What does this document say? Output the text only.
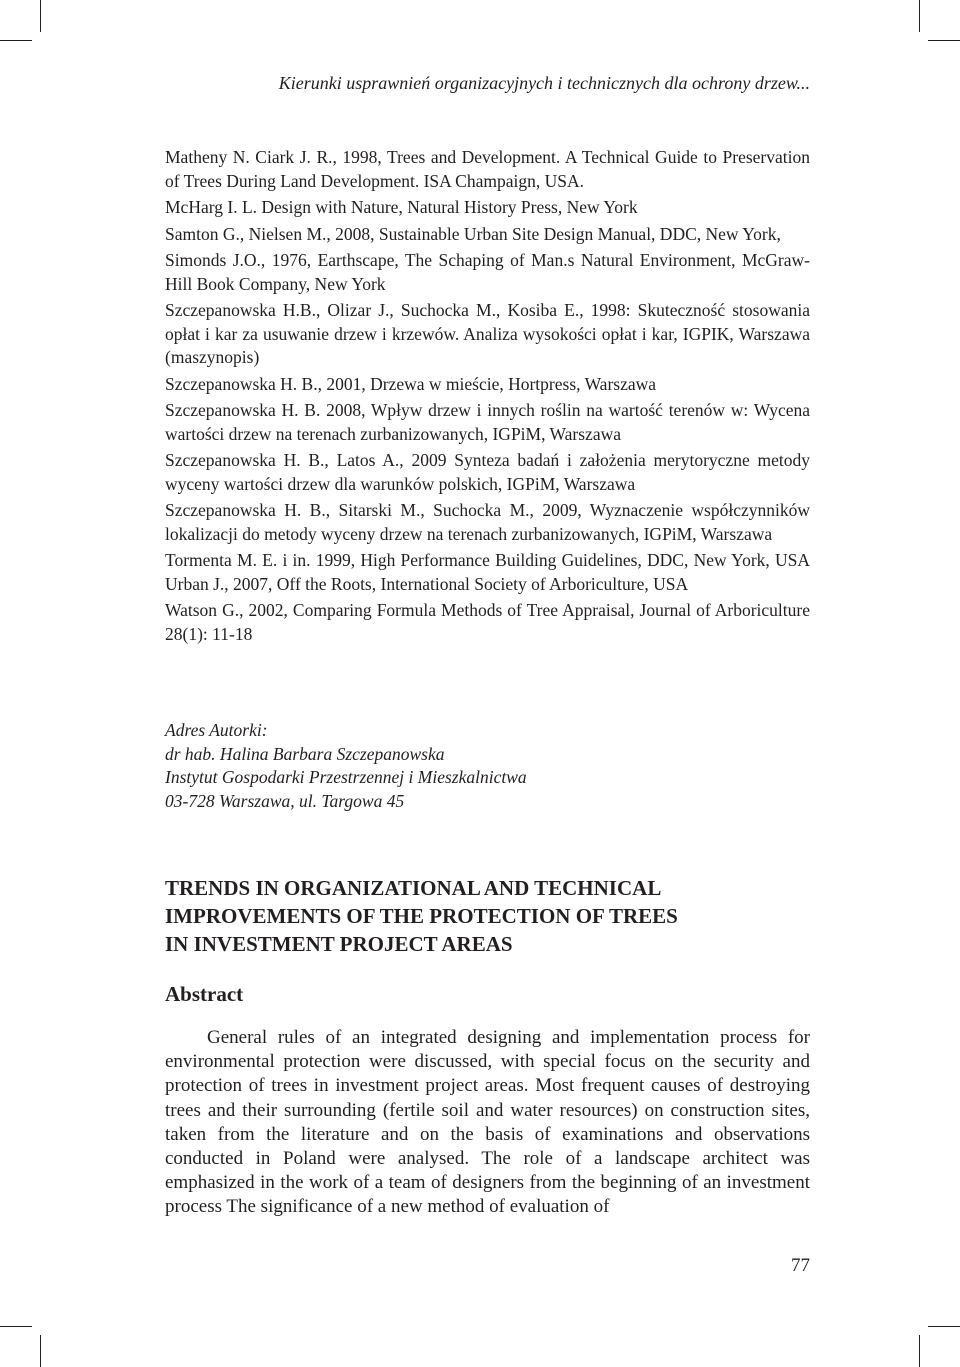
Kierunki usprawnień organizacyjnych i technicznych dla ochrony drzew...

Matheny N. Ciark J. R., 1998, Trees and Development. A Technical Guide to Preservation of Trees During Land Development. ISA Champaign, USA.

McHarg I. L. Design with Nature, Natural History Press, New York

Samton G., Nielsen M., 2008, Sustainable Urban Site Design Manual, DDC, New York,

Simonds J.O., 1976, Earthscape, The Schaping of Man.s Natural Environment, McGraw- Hill Book Company, New York

Szczepanowska H.B., Olizar J., Suchocka M., Kosiba E., 1998: Skuteczność stosowania opłat i kar za usuwanie drzew i krzewów. Analiza wysokości opłat i kar, IGPIK, Warszawa (maszynopis)

Szczepanowska H. B., 2001, Drzewa w mieście, Hortpress, Warszawa

Szczepanowska H. B. 2008, Wpływ drzew i innych roślin na wartość terenów w: Wycena wartości drzew na terenach zurbanizowanych, IGPiM, Warszawa

Szczepanowska H. B., Latos A., 2009 Synteza badań i założenia merytoryczne metody wyceny wartości drzew dla warunków polskich, IGPiM, Warszawa

Szczepanowska H. B., Sitarski M., Suchocka M., 2009, Wyznaczenie współczynników lokalizacji do metody wyceny drzew na terenach zurbanizowanych, IGPiM, Warszawa

Tormenta M. E. i in. 1999, High Performance Building Guidelines, DDC, New York, USA Urban J., 2007, Off the Roots, International Society of Arboriculture, USA

Watson G., 2002, Comparing Formula Methods of Tree Appraisal, Journal of Arboriculture 28(1): 11-18

Adres Autorki:
dr hab. Halina Barbara Szczepanowska
Instytut Gospodarki Przestrzennej i Mieszkalnictwa
03-728 Warszawa, ul. Targowa 45
TRENDS IN ORGANIZATIONAL AND TECHNICAL
IMPROVEMENTS OF THE PROTECTION OF TREES
IN INVESTMENT PROJECT AREAS
Abstract

General rules of an integrated designing and implementation process for environmental protection were discussed, with special focus on the security and protection of trees in investment project areas. Most frequent causes of destroying trees and their surrounding (fertile soil and water resources) on construction sites, taken from the literature and on the basis of examinations and observations conducted in Poland were analysed. The role of a landscape architect was emphasized in the work of a team of designers from the beginning of an investment process The significance of a new method of evaluation of

77
